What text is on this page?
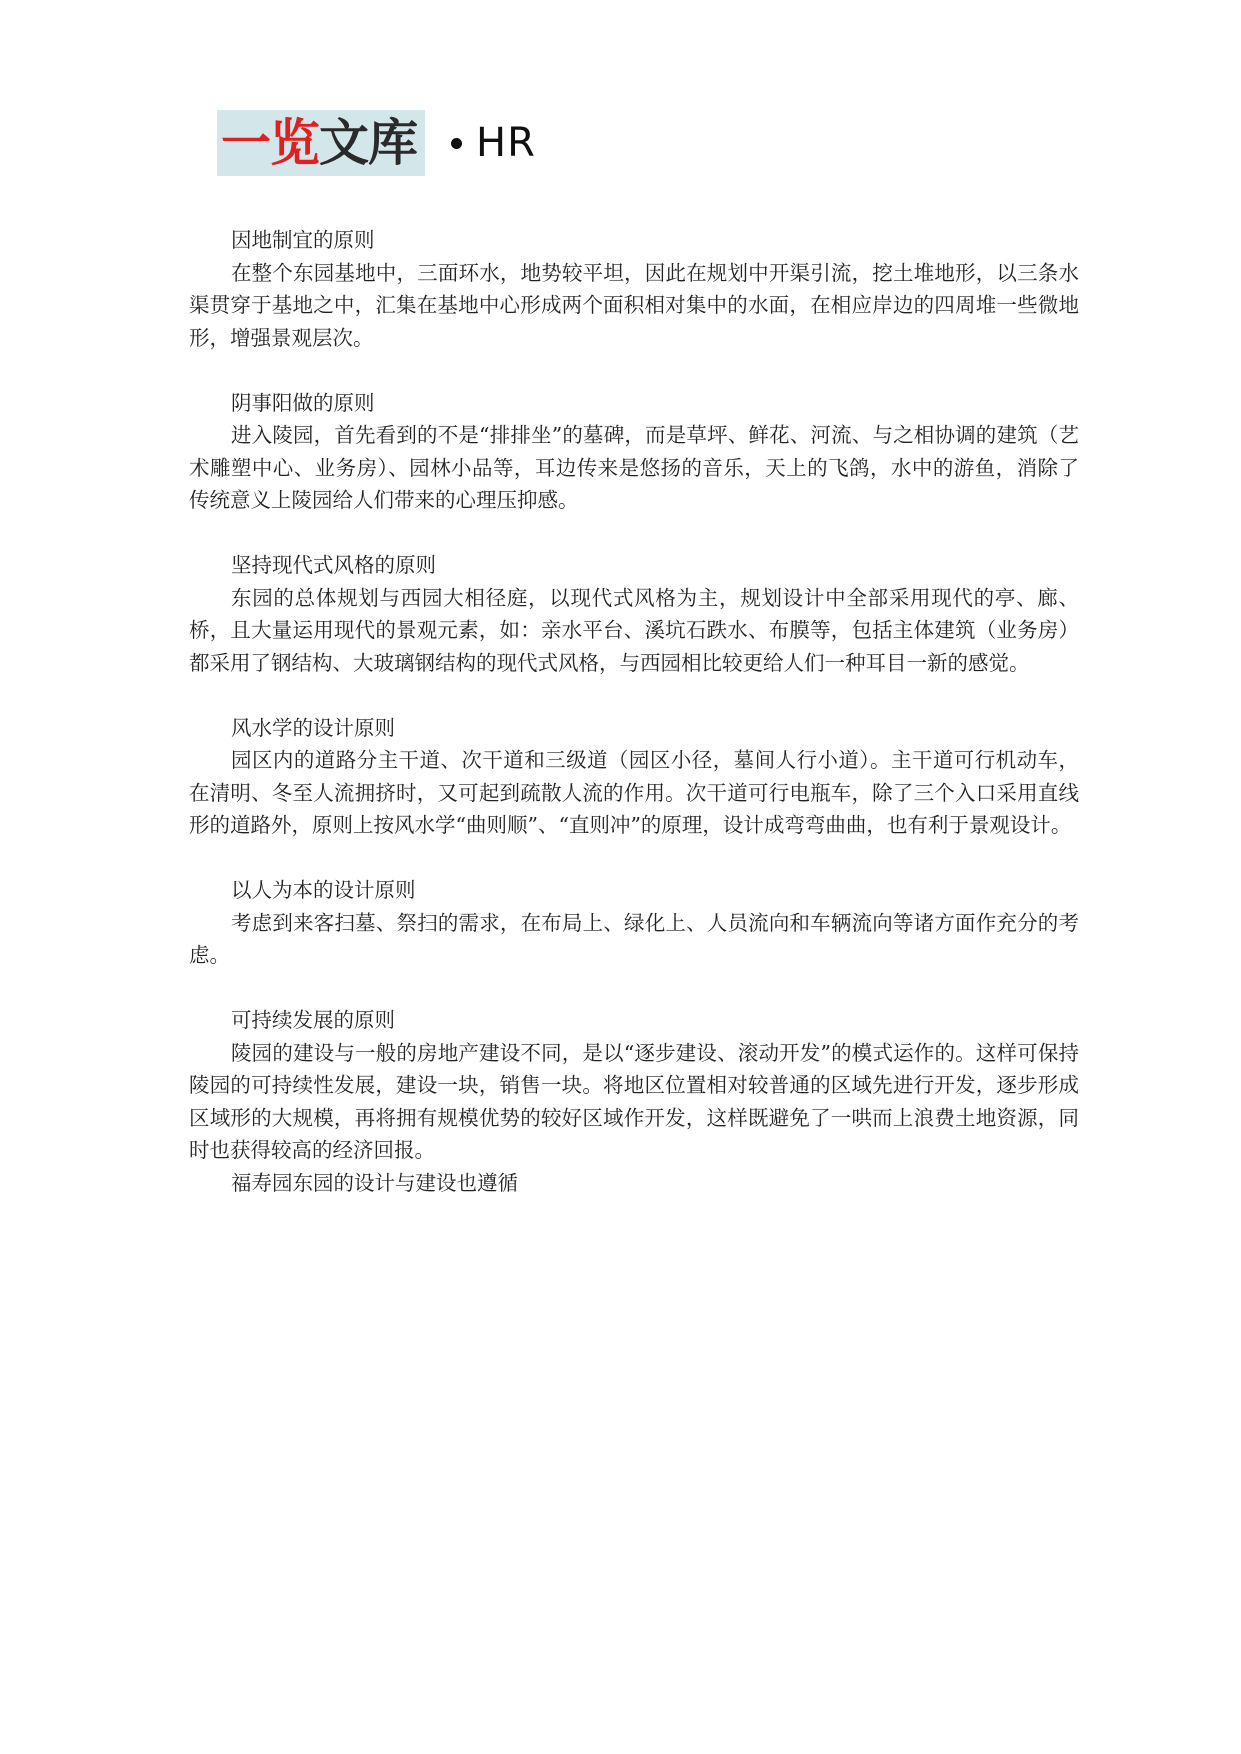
一览 文库 HR

因地制宜的原则

在整个东园基地中，三面环水，地势较平坦，因此在规划中开渠引流，挖土堆地形，以三条水渠贯穿于基地之中，汇集在基地中心形成两个面积相对集中的水面，在相应岸边的四周堆一些微地形，增强景观层次。

阴事阳做的原则

进入陵园，首先看到的不是“排排坐”的墓碑，而是草坪、鲜花、河流、与之相协调的建筑（艺术雕塑中心、业务房）、园林小品等，耳边传来是悠扬的音乐，天上的飞鸽，水中的游鱼，消除了传统意义上陵园给人们带来的心理压抑感。

坚持现代式风格的原则

东园的总体规划与西园大相径庭，以现代式风格为主，规划设计中全部采用现代的亭、廊、桥，且大量运用现代的景观元素，如：亲水平台、溪坑石跌水、布膜等，包括主体建筑（业务房）都采用了钢结构、大玻璃钢结构的现代式风格，与西园相比较更给人们一种耳目一新的感觉。

风水学的设计原则

园区内的道路分主干道、次干道和三级道（园区小径，墓间人行小道）。主干道可行机动车，在清明、冬至人流拥挤时，又可起到疏散人流的作用。次干道可行电瓶车，除了三个入口采用直线形的道路外，原则上按风水学“曲则顺”、“直则冲”的原理，设计成弯弯曲曲，也有利于景观设计。

以人为本的设计原则

考虑到来客扫墓、祭扫的需求，在布局上、绿化上、人员流向和车辆流向等诸方面作充分的考虑。

可持续发展的原则

陵园的建设与一般的房地产建设不同，是以“逐步建设、滚动开发”的模式运作的。这样可保持陵园的可持续性发展，建设一块，销售一块。将地区位置相对较普通的区域先进行开发，逐步形成区域形的大规模，再将拥有规模优势的较好区域作开发，这样既避免了一哄而上浪费土地资源，同时也获得较高的经济回报。

福寿园东园的设计与建设也遵循
